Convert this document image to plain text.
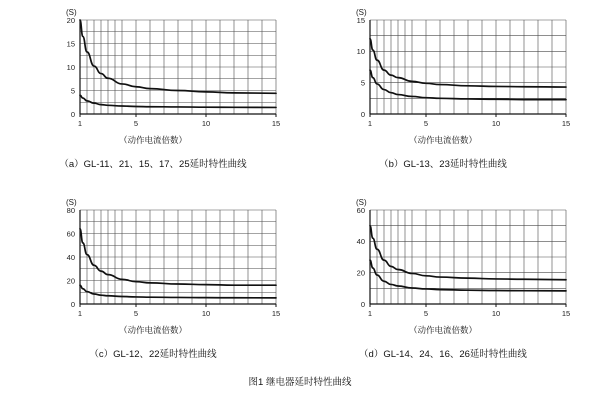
(S)
0
5
10
15
20
1	5	10	15
（动作电流倍数）
（a）GL‑11、21、15、17、25延时特性曲线
(S)
0
5
10
15
1	5	10	15
（动作电流倍数）
（b）GL‑13、23延时特性曲线
(S)
0
20
40
60
80
1	5	10	15
（动作电流倍数）
（c）GL‑12、22延时特性曲线
(S)
0
20
40
60
1	5	10	15
（动作电流倍数）
（d）GL‑14、24、16、26延时特性曲线
图1 继电器延时特性曲线
